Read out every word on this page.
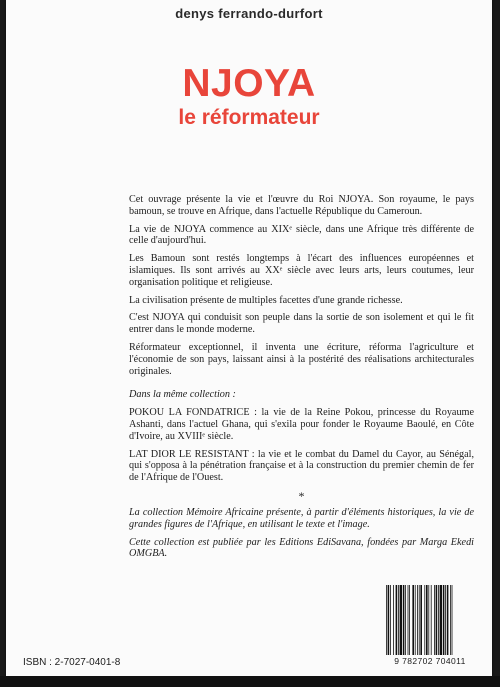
denys ferrando-durfort
NJOYA
le réformateur

Cet ouvrage présente la vie et l'œuvre du Roi NJOYA. Son royaume, le pays bamoun, se trouve en Afrique, dans l'actuelle République du Cameroun.

La vie de NJOYA commence au XIXᵉ siècle, dans une Afrique très différente de celle d'aujourd'hui.

Les Bamoun sont restés longtemps à l'écart des influences européennes et islamiques. Ils sont arrivés au XXᵉ siècle avec leurs arts, leurs coutumes, leur organisation politique et religieuse.

La civilisation présente de multiples facettes d'une grande richesse.

C'est NJOYA qui conduisit son peuple dans la sortie de son isolement et qui le fit entrer dans le monde moderne.

Réformateur exceptionnel, il inventa une écriture, réforma l'agriculture et l'économie de son pays, laissant ainsi à la postérité des réalisations architecturales originales.

Dans la même collection :

POKOU LA FONDATRICE : la vie de la Reine Pokou, princesse du Royaume Ashanti, dans l'actuel Ghana, qui s'exila pour fonder le Royaume Baoulé, en Côte d'Ivoire, au XVIIIᵉ siècle.

LAT DIOR LE RESISTANT : la vie et le combat du Damel du Cayor, au Sénégal, qui s'opposa à la pénétration française et à la construction du premier chemin de fer de l'Afrique de l'Ouest.

*

La collection Mémoire Africaine présente, à partir d'éléments historiques, la vie de grandes figures de l'Afrique, en utilisant le texte et l'image.

Cette collection est publiée par les Editions EdiSavana, fondées par Marga Ekedi OMGBA.

ISBN : 2-7027-0401-8	9 782702 704011
